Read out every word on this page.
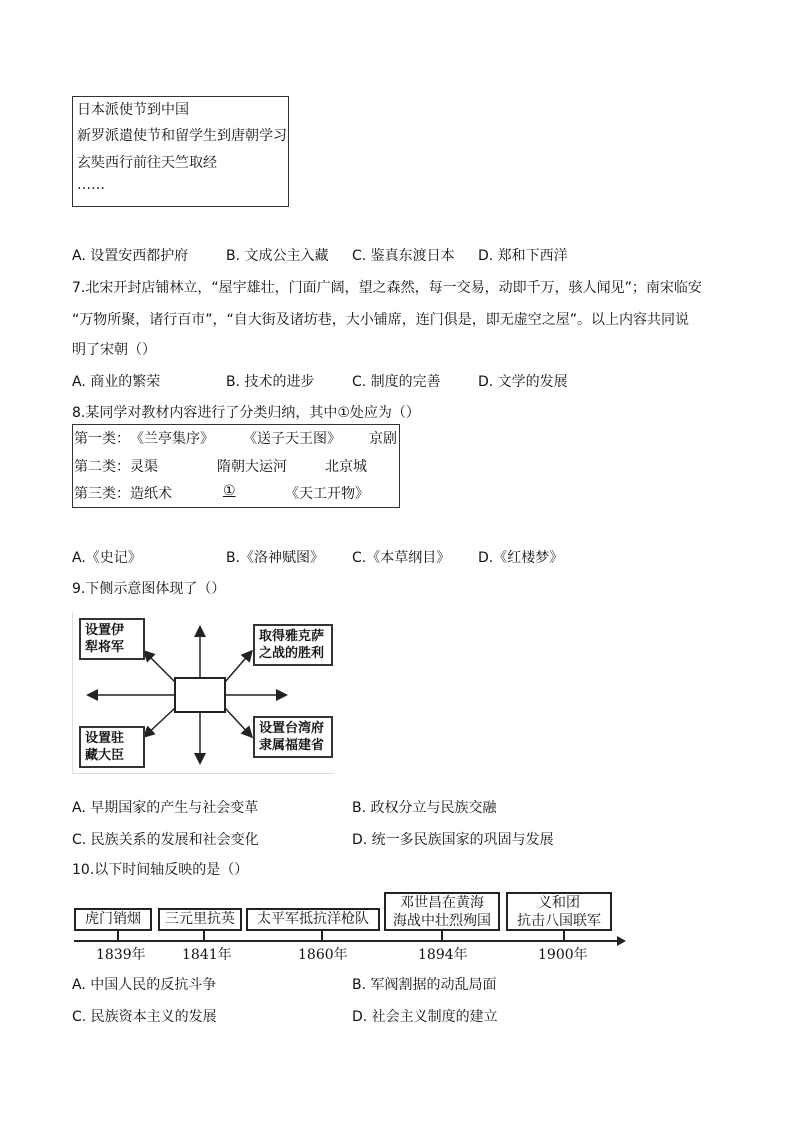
日本派使节到中国
新罗派遣使节和留学生到唐朝学习
玄奘西行前往天竺取经
……
A. 设置安西都护府	B. 文成公主入藏 C. 鉴真东渡日本 D. 郑和下西洋
7.北宋开封店铺林立，“屋宇雄壮，门面广阔，望之森然，每一交易，动即千万，骇人闻见”；南宋临安
“万物所聚，诸行百市”，“自大街及诸坊巷，大小铺席，连门俱是，即无虚空之屋”。以上内容共同说
明了宋朝（）
A. 商业的繁荣	B. 技术的进步	C. 制度的完善	D. 文学的发展
8.某同学对教材内容进行了分类归纳，其中①处应为（）
第一类： 《兰亭集序》 《送子天王图》 京剧
第二类： 灵渠	隋朝大运河	北京城
第三类： 造纸术	①	《天工开物》
A.《史记》	B.《洛神赋图》 C.《本草纲目》 D.《红楼梦》
9.下侧示意图体现了（）
设置伊
犁将军
取得雅克萨
之战的胜利
设置驻
藏大臣
设置台湾府
隶属福建省
A. 早期国家的产生与社会变革	B. 政权分立与民族交融
C. 民族关系的发展和社会变化	D. 统一多民族国家的巩固与发展
10.以下时间轴反映的是（）
虎门销烟	三元里抗英	太平军抵抗洋枪队
邓世昌在黄海
海战中壮烈殉国
义和团
抗击八国联军
1839年	1841年	1860年	1894年	1900年
A. 中国人民的反抗斗争	B. 军阀割据的动乱局面
C. 民族资本主义的发展	D. 社会主义制度的建立
